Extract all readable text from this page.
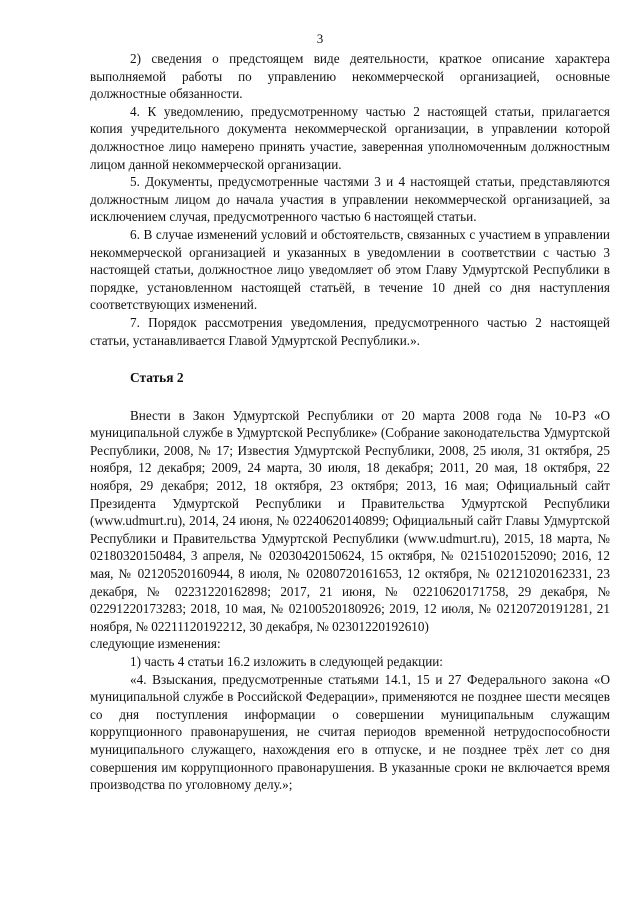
3

2) сведения о предстоящем виде деятельности, краткое описание характера выполняемой работы по управлению некоммерческой организацией, основные должностные обязанности.

4. К уведомлению, предусмотренному частью 2 настоящей статьи, прилагается копия учредительного документа некоммерческой организации, в управлении которой должностное лицо намерено принять участие, заверенная уполномоченным должностным лицом данной некоммерческой организации.

5. Документы, предусмотренные частями 3 и 4 настоящей статьи, представляются должностным лицом до начала участия в управлении некоммерческой организацией, за исключением случая, предусмотренного частью 6 настоящей статьи.

6. В случае изменений условий и обстоятельств, связанных с участием в управлении некоммерческой организацией и указанных в уведомлении в соответствии с частью 3 настоящей статьи, должностное лицо уведомляет об этом Главу Удмуртской Республики в порядке, установленном настоящей статьёй, в течение 10 дней со дня наступления соответствующих изменений.

7. Порядок рассмотрения уведомления, предусмотренного частью 2 настоящей статьи, устанавливается Главой Удмуртской Республики.».

Статья 2

Внести в Закон Удмуртской Республики от 20 марта 2008 года № 10-РЗ «О муниципальной службе в Удмуртской Республике» (Собрание законодательства Удмуртской Республики, 2008, № 17; Известия Удмуртской Республики, 2008, 25 июля, 31 октября, 25 ноября, 12 декабря; 2009, 24 марта, 30 июля, 18 декабря; 2011, 20 мая, 18 октября, 22 ноября, 29 декабря; 2012, 18 октября, 23 октября; 2013, 16 мая; Официальный сайт Президента Удмуртской Республики и Правительства Удмуртской Республики (www.udmurt.ru), 2014, 24 июня, № 02240620140899; Официальный сайт Главы Удмуртской Республики и Правительства Удмуртской Республики (www.udmurt.ru), 2015, 18 марта, № 02180320150484, 3 апреля, № 02030420150624, 15 октября, № 02151020152090; 2016, 12 мая, № 02120520160944, 8 июля, № 02080720161653, 12 октября, № 02121020162331, 23 декабря, № 02231220162898; 2017, 21 июня, № 02210620171758, 29 декабря, № 02291220173283; 2018, 10 мая, № 02100520180926; 2019, 12 июля, № 02120720191281, 21 ноября, № 02211120192212, 30 декабря, № 02301220192610)

следующие изменения:

1) часть 4 статьи 16.2 изложить в следующей редакции:

«4. Взыскания, предусмотренные статьями 14.1, 15 и 27 Федерального закона «О муниципальной службе в Российской Федерации», применяются не позднее шести месяцев со дня поступления информации о совершении муниципальным служащим коррупционного правонарушения, не считая периодов временной нетрудоспособности муниципального служащего, нахождения его в отпуске, и не позднее трёх лет со дня совершения им коррупционного правонарушения. В указанные сроки не включается время производства по уголовному делу.»;
